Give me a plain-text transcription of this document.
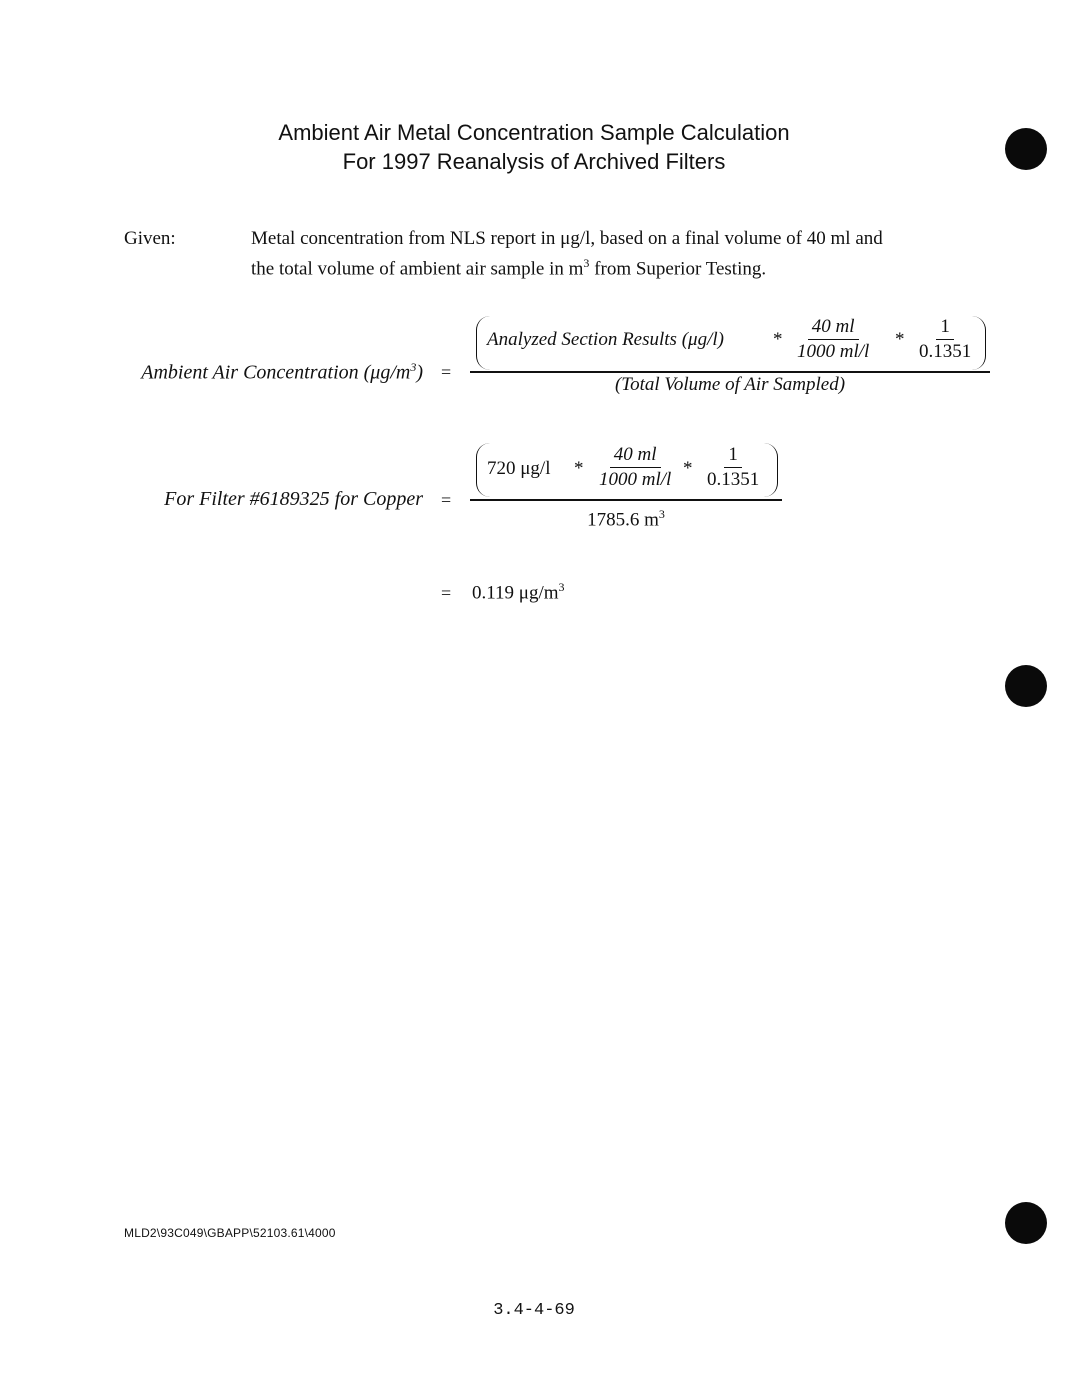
Ambient Air Metal Concentration Sample Calculation
For 1997 Reanalysis of Archived Filters
Given:	Metal concentration from NLS report in μg/l, based on a final volume of 40 ml and
the total volume of ambient air sample in $m^3$ from Superior Testing.
Ambient Air Concentration $(\mu g/m^3)$ =
Analyzed Section Results (μg/l)	* $\frac{40 ml}{1000 ml/l} * \frac{1}{0.1351}$
(Total Volume of Air Sampled)
For Filter #6189325 for Copper =
720 $\mu g/l * \frac{40 ml}{1000 ml/l} * \frac{1}{0.1351}$
1785.6 $m^3$
= 0.119 $\mu g/m^3$
MLD2\93C049\GBAPP\52103.61\4000
3.4-4-69
